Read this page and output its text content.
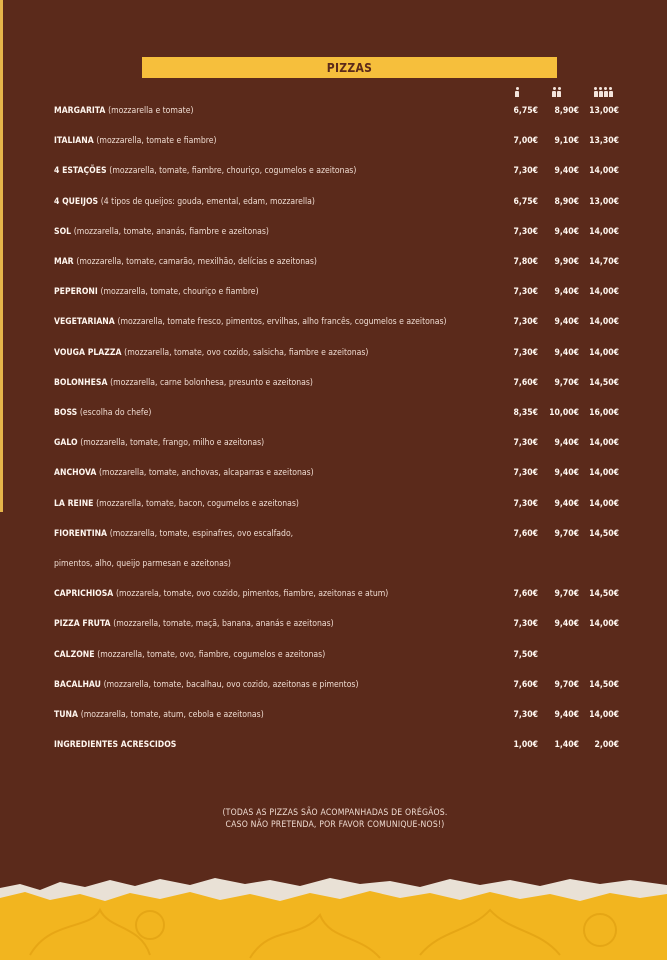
PIZZAS
MARGARITA (mozzarella e tomate)	6,75€	8,90€	13,00€
ITALIANA (mozzarella, tomate e fiambre)	7,00€	9,10€	13,30€
4 ESTAÇÕES (mozzarella, tomate, fiambre, chouriço, cogumelos e azeitonas)	7,30€	9,40€	14,00€
4 QUEIJOS (4 tipos de queijos: gouda, emental, edam, mozzarella)	6,75€	8,90€	13,00€
SOL (mozzarella, tomate, ananás, fiambre e azeitonas)	7,30€	9,40€	14,00€
MAR (mozzarella, tomate, camarão, mexilhão, delícias e azeitonas)	7,80€	9,90€	14,70€
PEPERONI (mozzarella, tomate, chouriço e fiambre)	7,30€	9,40€	14,00€
VEGETARIANA (mozzarella, tomate fresco, pimentos, ervilhas, alho francês, cogumelos e azeitonas)	7,30€	9,40€	14,00€
VOUGA PLAZZA (mozzarella, tomate, ovo cozido, salsicha, fiambre e azeitonas)	7,30€	9,40€	14,00€
BOLONHESA (mozzarella, carne bolonhesa, presunto e azeitonas)	7,60€	9,70€	14,50€
BOSS (escolha do chefe)	8,35€	10,00€	16,00€
GALO (mozzarella, tomate, frango, milho e azeitonas)	7,30€	9,40€	14,00€
ANCHOVA (mozzarella, tomate, anchovas, alcaparras e azeitonas)	7,30€	9,40€	14,00€
LA REINE (mozzarella, tomate, bacon, cogumelos e azeitonas)	7,30€	9,40€	14,00€
FIORENTINA (mozzarella, tomate, espinafres, ovo escalfado,	7,60€	9,70€	14,50€
pimentos, alho, queijo parmesan e azeitonas)
CAPRICHIOSA (mozzarela, tomate, ovo cozido, pimentos, fiambre, azeitonas e atum)	7,60€	9,70€	14,50€
PIZZA FRUTA (mozzarella, tomate, maçã, banana, ananás e azeitonas)	7,30€	9,40€	14,00€
CALZONE (mozzarella, tomate, ovo, fiambre, cogumelos e azeitonas)	7,50€
BACALHAU (mozzarella, tomate, bacalhau, ovo cozido, azeitonas e pimentos)	7,60€	9,70€	14,50€
TUNA (mozzarella, tomate, atum, cebola e azeitonas)	7,30€	9,40€	14,00€
INGREDIENTES ACRESCIDOS	1,00€	1,40€	2,00€
(TODAS AS PIZZAS SÃO ACOMPANHADAS DE ORÉGÃOS.
CASO NÃO PRETENDA, POR FAVOR COMUNIQUE-NOS!)
